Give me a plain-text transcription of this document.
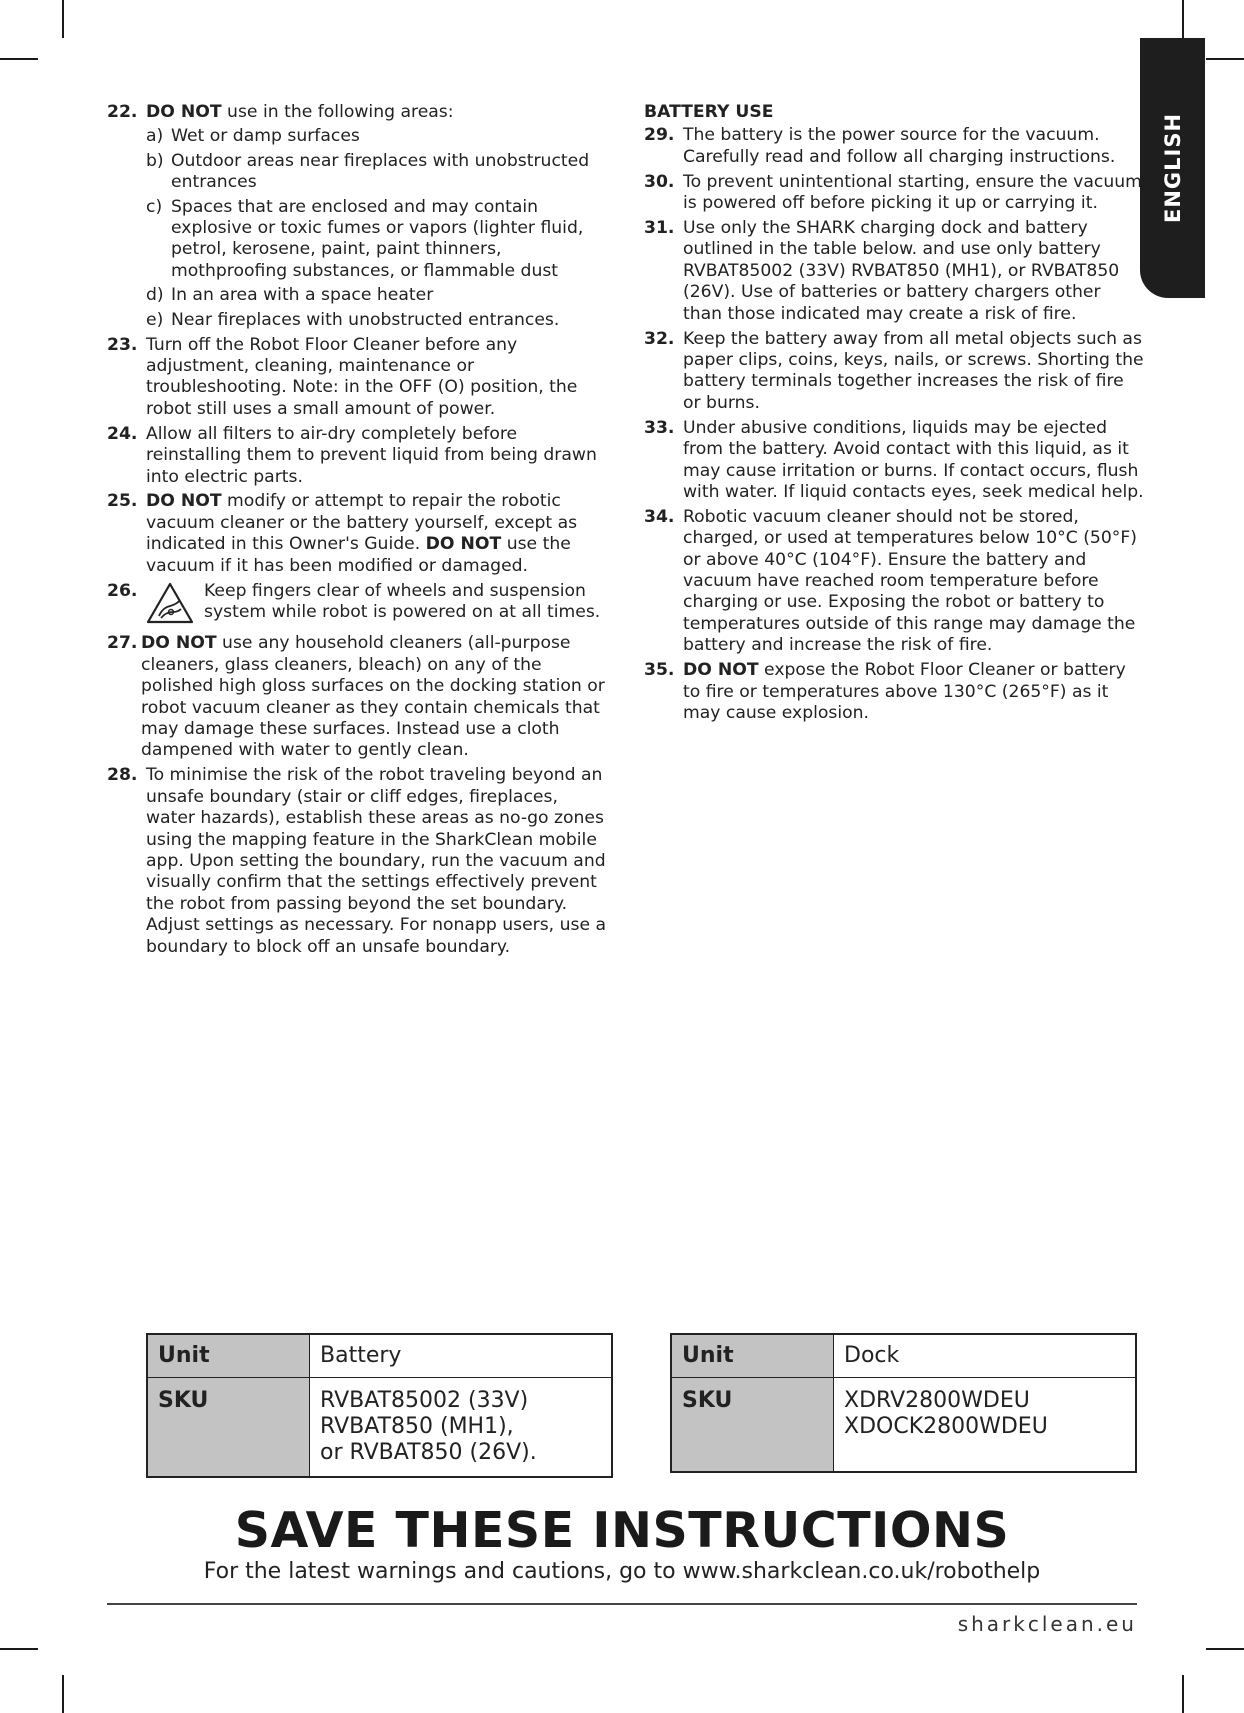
ENGLISH
22. DO NOT use in the following areas:
a) Wet or damp surfaces
b) Outdoor areas near fireplaces with unobstructed entrances
c) Spaces that are enclosed and may contain explosive or toxic fumes or vapors (lighter fluid, petrol, kerosene, paint, paint thinners, mothproofing substances, or flammable dust
d) In an area with a space heater
e) Near fireplaces with unobstructed entrances.
23. Turn off the Robot Floor Cleaner before any adjustment, cleaning, maintenance or troubleshooting. Note: in the OFF (O) position, the robot still uses a small amount of power.
24. Allow all filters to air-dry completely before reinstalling them to prevent liquid from being drawn into electric parts.
25. DO NOT modify or attempt to repair the robotic vacuum cleaner or the battery yourself, except as indicated in this Owner's Guide. DO NOT use the vacuum if it has been modified or damaged.
26.	Keep fingers clear of wheels and suspension system while robot is powered on at all times.
27. DO NOT use any household cleaners (all-purpose cleaners, glass cleaners, bleach) on any of the polished high gloss surfaces on the docking station or robot vacuum cleaner as they contain chemicals that may damage these surfaces. Instead use a cloth dampened with water to gently clean.
28. To minimise the risk of the robot traveling beyond an unsafe boundary (stair or cliff edges, fireplaces, water hazards), establish these areas as no-go zones using the mapping feature in the SharkClean mobile app. Upon setting the boundary, run the vacuum and visually confirm that the settings effectively prevent the robot from passing beyond the set boundary. Adjust settings as necessary. For nonapp users, use a boundary to block off an unsafe boundary.
BATTERY USE
29. The battery is the power source for the vacuum. Carefully read and follow all charging instructions.
30. To prevent unintentional starting, ensure the vacuum is powered off before picking it up or carrying it.
31. Use only the SHARK charging dock and battery outlined in the table below. and use only battery RVBAT85002 (33V) RVBAT850 (MH1), or RVBAT850 (26V). Use of batteries or battery chargers other than those indicated may create a risk of fire.
32. Keep the battery away from all metal objects such as paper clips, coins, keys, nails, or screws. Shorting the battery terminals together increases the risk of fire or burns.
33. Under abusive conditions, liquids may be ejected from the battery. Avoid contact with this liquid, as it may cause irritation or burns. If contact occurs, flush with water. If liquid contacts eyes, seek medical help.
34. Robotic vacuum cleaner should not be stored, charged, or used at temperatures below 10°C (50°F) or above 40°C (104°F). Ensure the battery and vacuum have reached room temperature before charging or use. Exposing the robot or battery to temperatures outside of this range may damage the battery and increase the risk of fire.
35. DO NOT expose the Robot Floor Cleaner or battery to fire or temperatures above 130°C (265°F) as it may cause explosion.
Unit	Battery
SKU	RVBAT85002 (33V)
RVBAT850 (MH1),
or RVBAT850 (26V).
Unit	Dock
SKU	XDRV2800WDEU
XDOCK2800WDEU
SAVE THESE INSTRUCTIONS
For the latest warnings and cautions, go to www.sharkclean.co.uk/robothelp
sharkclean.eu
